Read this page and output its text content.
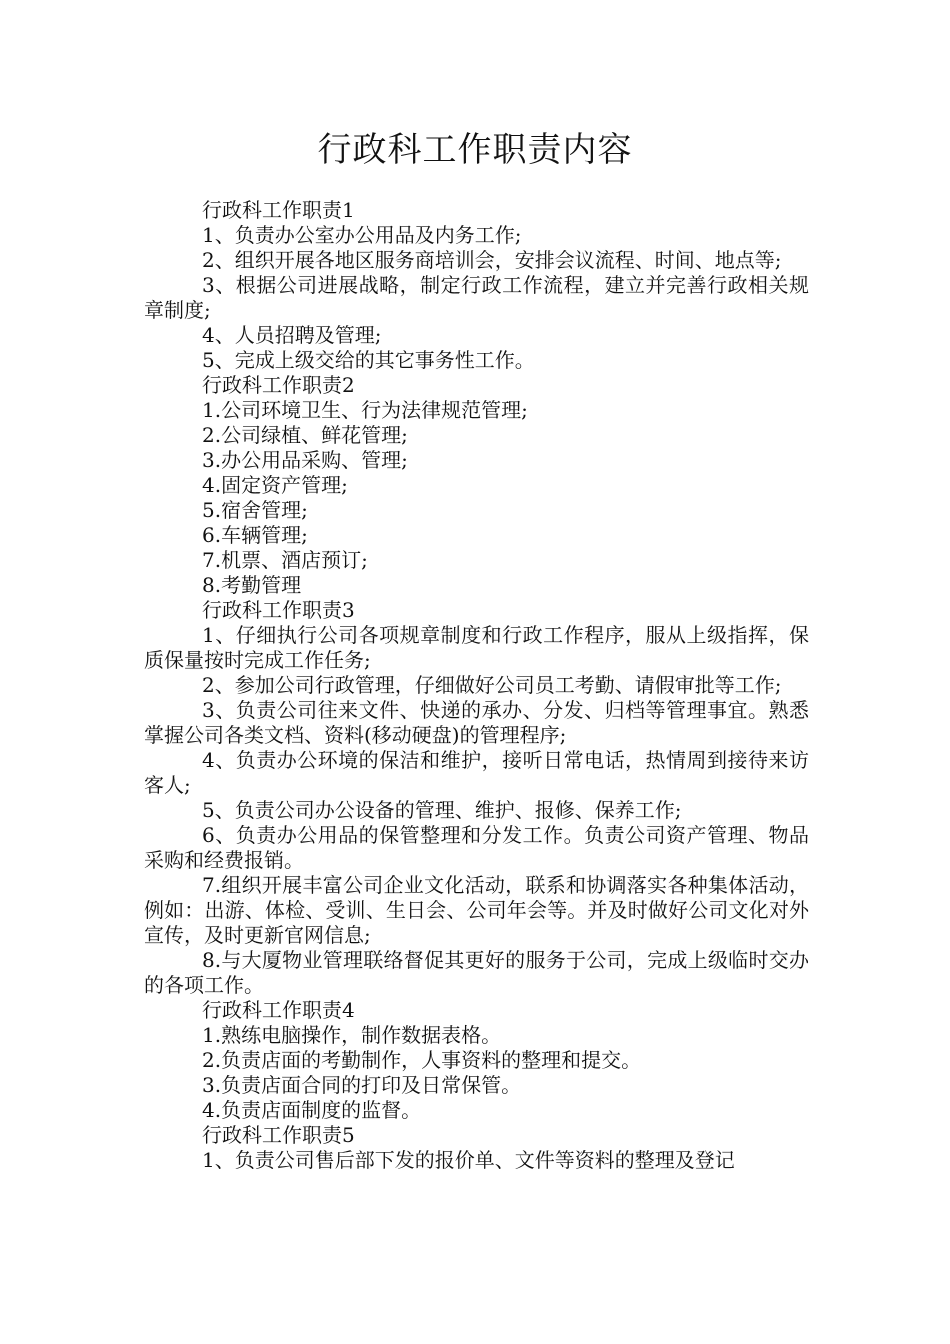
行政科工作职责内容

行政科工作职责1

1、负责办公室办公用品及内务工作;

2、组织开展各地区服务商培训会，安排会议流程、时间、地点等;

3、根据公司进展战略，制定行政工作流程，建立并完善行政相关规章制度;

4、人员招聘及管理;

5、完成上级交给的其它事务性工作。

行政科工作职责2

1.公司环境卫生、行为法律规范管理;

2.公司绿植、鲜花管理;

3.办公用品采购、管理;

4.固定资产管理;

5.宿舍管理;

6.车辆管理;

7.机票、酒店预订;

8.考勤管理

行政科工作职责3

1、仔细执行公司各项规章制度和行政工作程序，服从上级指挥，保质保量按时完成工作任务;

2、参加公司行政管理，仔细做好公司员工考勤、请假审批等工作;

3、负责公司往来文件、快递的承办、分发、归档等管理事宜。熟悉掌握公司各类文档、资料(移动硬盘)的管理程序;

4、负责办公环境的保洁和维护，接听日常电话，热情周到接待来访客人;

5、负责公司办公设备的管理、维护、报修、保养工作;

6、负责办公用品的保管整理和分发工作。负责公司资产管理、物品采购和经费报销。

7.组织开展丰富公司企业文化活动，联系和协调落实各种集体活动，例如：出游、体检、受训、生日会、公司年会等。并及时做好公司文化对外宣传，及时更新官网信息;

8.与大厦物业管理联络督促其更好的服务于公司，完成上级临时交办的各项工作。

行政科工作职责4

1.熟练电脑操作，制作数据表格。

2.负责店面的考勤制作，人事资料的整理和提交。

3.负责店面合同的打印及日常保管。

4.负责店面制度的监督。

行政科工作职责5

1、负责公司售后部下发的报价单、文件等资料的整理及登记
